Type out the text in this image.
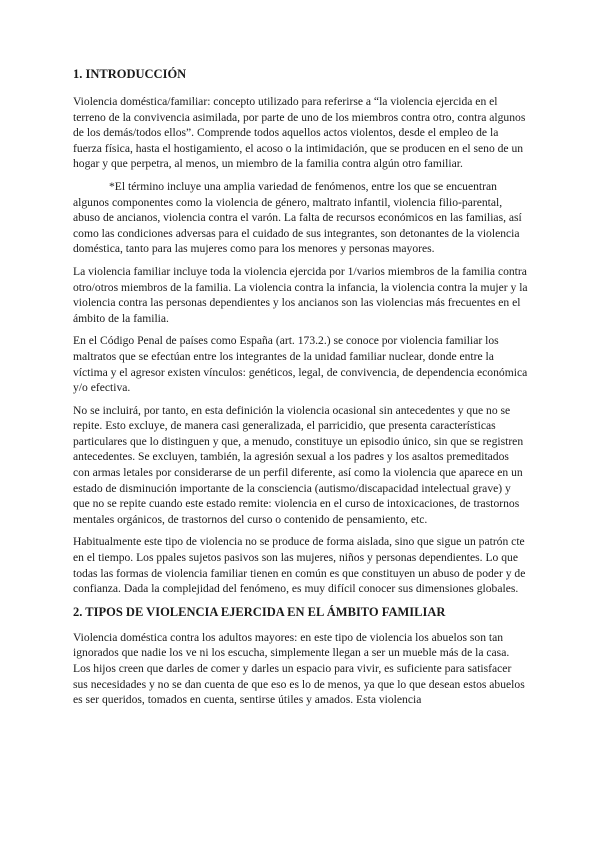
1. INTRODUCCIÓN

Violencia doméstica/familiar: concepto utilizado para referirse a “la violencia ejercida en el terreno de la convivencia asimilada, por parte de uno de los miembros contra otro, contra algunos de los demás/todos ellos”. Comprende todos aquellos actos violentos, desde el empleo de la fuerza física, hasta el hostigamiento, el acoso o la intimidación, que se producen en el seno de un hogar y que perpetra, al menos, un miembro de la familia contra algún otro familiar.

*El término incluye una amplia variedad de fenómenos, entre los que se encuentran algunos componentes como la violencia de género, maltrato infantil, violencia filio-parental, abuso de ancianos, violencia contra el varón. La falta de recursos económicos en las familias, así como las condiciones adversas para el cuidado de sus integrantes, son detonantes de la violencia doméstica, tanto para las mujeres como para los menores y personas mayores.

La violencia familiar incluye toda la violencia ejercida por 1/varios miembros de la familia contra otro/otros miembros de la familia. La violencia contra la infancia, la violencia contra la mujer y la violencia contra las personas dependientes y los ancianos son las violencias más frecuentes en el ámbito de la familia.

En el Código Penal de países como España (art. 173.2.) se conoce por violencia familiar los maltratos que se efectúan entre los integrantes de la unidad familiar nuclear, donde entre la víctima y el agresor existen vínculos: genéticos, legal, de convivencia, de dependencia económica y/o efectiva.

No se incluirá, por tanto, en esta definición la violencia ocasional sin antecedentes y que no se repite. Esto excluye, de manera casi generalizada, el parricidio, que presenta características particulares que lo distinguen y que, a menudo, constituye un episodio único, sin que se registren antecedentes. Se excluyen, también, la agresión sexual a los padres y los asaltos premeditados con armas letales por considerarse de un perfil diferente, así como la violencia que aparece en un estado de disminución importante de la consciencia (autismo/discapacidad intelectual grave) y que no se repite cuando este estado remite: violencia en el curso de intoxicaciones, de trastornos mentales orgánicos, de trastornos del curso o contenido de pensamiento, etc.

Habitualmente este tipo de violencia no se produce de forma aislada, sino que sigue un patrón cte en el tiempo. Los ppales sujetos pasivos son las mujeres, niños y personas dependientes. Lo que todas las formas de violencia familiar tienen en común es que constituyen un abuso de poder y de confianza. Dada la complejidad del fenómeno, es muy difícil conocer sus dimensiones globales.

2. TIPOS DE VIOLENCIA EJERCIDA EN EL ÁMBITO FAMILIAR

Violencia doméstica contra los adultos mayores: en este tipo de violencia los abuelos son tan ignorados que nadie los ve ni los escucha, simplemente llegan a ser un mueble más de la casa. Los hijos creen que darles de comer y darles un espacio para vivir, es suficiente para satisfacer sus necesidades y no se dan cuenta de que eso es lo de menos, ya que lo que desean estos abuelos es ser queridos, tomados en cuenta, sentirse útiles y amados. Esta violencia
